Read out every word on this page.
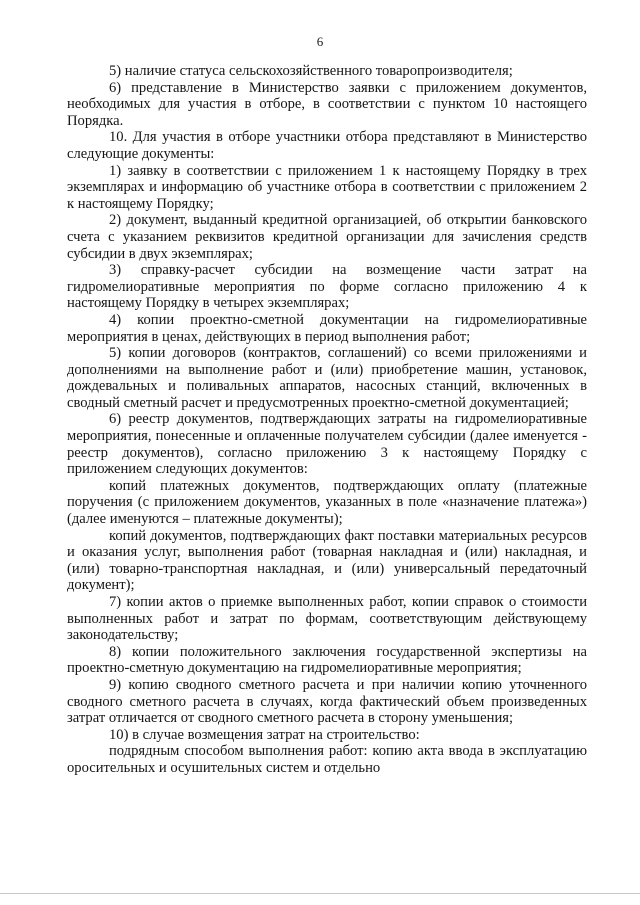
6

5) наличие статуса сельскохозяйственного товаропроизводителя;

6) представление в Министерство заявки с приложением документов, необходимых для участия в отборе, в соответствии с пунктом 10 настоящего Порядка.

10. Для участия в отборе участники отбора представляют в Министерство следующие документы:

1) заявку в соответствии с приложением 1 к настоящему Порядку в трех экземплярах и информацию об участнике отбора в соответствии с приложением 2 к настоящему Порядку;

2) документ, выданный кредитной организацией, об открытии банковского счета с указанием реквизитов кредитной организации для зачисления средств субсидии в двух экземплярах;

3) справку-расчет субсидии на возмещение части затрат на гидромелиоративные мероприятия по форме согласно приложению 4 к настоящему Порядку в четырех экземплярах;

4) копии проектно-сметной документации на гидромелиоративные мероприятия в ценах, действующих в период выполнения работ;

5) копии договоров (контрактов, соглашений) со всеми приложениями и дополнениями на выполнение работ и (или) приобретение машин, установок, дождевальных и поливальных аппаратов, насосных станций, включенных в сводный сметный расчет и предусмотренных проектно-сметной документацией;

6) реестр документов, подтверждающих затраты на гидромелиоративные мероприятия, понесенные и оплаченные получателем субсидии (далее именуется - реестр документов), согласно приложению 3 к настоящему Порядку с приложением следующих документов:

копий платежных документов, подтверждающих оплату (платежные поручения (с приложением документов, указанных в поле «назначение платежа») (далее именуются – платежные документы);

копий документов, подтверждающих факт поставки материальных ресурсов и оказания услуг, выполнения работ (товарная накладная и (или) накладная, и (или) товарно-транспортная накладная, и (или) универсальный передаточный документ);

7) копии актов о приемке выполненных работ, копии справок о стоимости выполненных работ и затрат по формам, соответствующим действующему законодательству;

8) копии положительного заключения государственной экспертизы на проектно-сметную документацию на гидромелиоративные мероприятия;

9) копию сводного сметного расчета и при наличии копию уточненного сводного сметного расчета в случаях, когда фактический объем произведенных затрат отличается от сводного сметного расчета в сторону уменьшения;

10) в случае возмещения затрат на строительство:

подрядным способом выполнения работ: копию акта ввода в эксплуатацию оросительных и осушительных систем и отдельно
